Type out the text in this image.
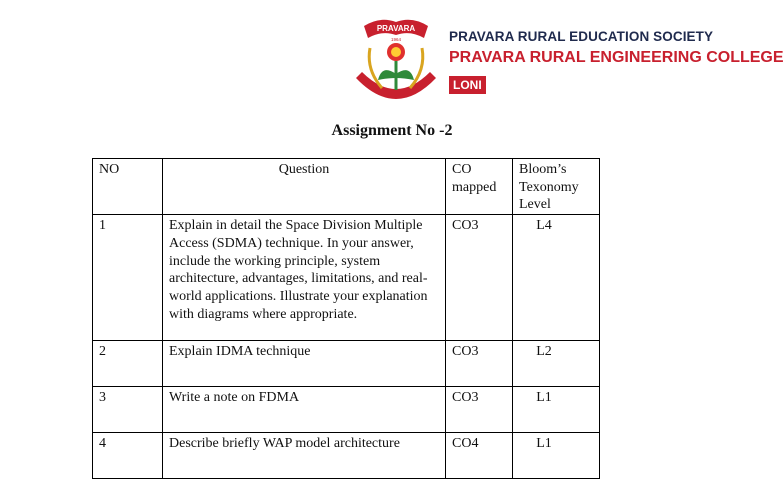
PRAVARA
1964	PRAVARA RURAL EDUCATION SOCIETY
PRAVARA RURAL ENGINEERING COLLEGE
LONI
Assignment No -2
NO	Question	CO mapped	Bloom’s Texonomy Level
1	Explain in detail the Space Division Multiple Access (SDMA) technique. In your answer, include the working principle, system architecture, advantages, limitations, and real-world applications. Illustrate your explanation with diagrams where appropriate.	CO3	L4
2	Explain IDMA technique	CO3	L2
3	Write a note on FDMA	CO3	L1
4	Describe briefly WAP model architecture	CO4	L1
